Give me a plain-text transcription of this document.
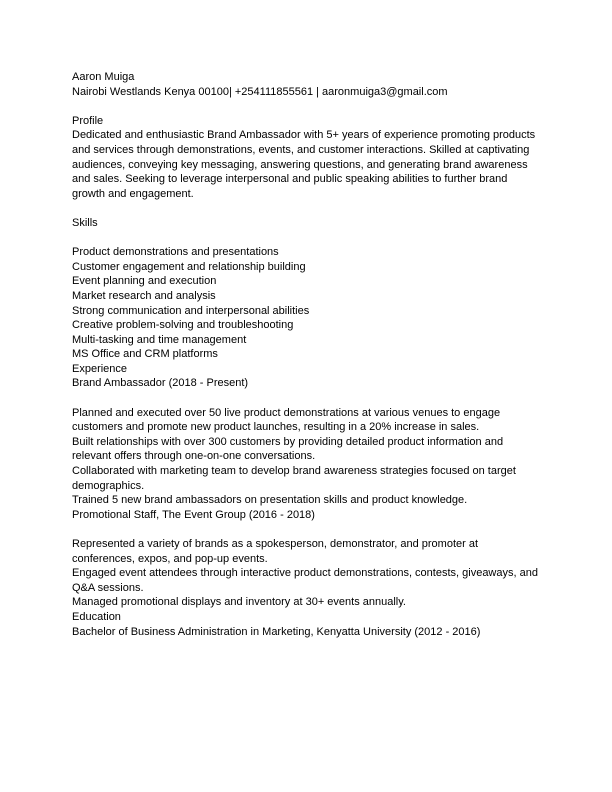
Aaron Muiga
Nairobi Westlands Kenya 00100| +254111855561 | aaronmuiga3@gmail.com
Profile
Dedicated and enthusiastic Brand Ambassador with 5+ years of experience promoting products and services through demonstrations, events, and customer interactions. Skilled at captivating audiences, conveying key messaging, answering questions, and generating brand awareness and sales. Seeking to leverage interpersonal and public speaking abilities to further brand growth and engagement.
Skills
Product demonstrations and presentations
Customer engagement and relationship building
Event planning and execution
Market research and analysis
Strong communication and interpersonal abilities
Creative problem-solving and troubleshooting
Multi-tasking and time management
MS Office and CRM platforms
Experience
Brand Ambassador (2018 - Present)
Planned and executed over 50 live product demonstrations at various venues to engage customers and promote new product launches, resulting in a 20% increase in sales.
Built relationships with over 300 customers by providing detailed product information and relevant offers through one-on-one conversations.
Collaborated with marketing team to develop brand awareness strategies focused on target demographics.
Trained 5 new brand ambassadors on presentation skills and product knowledge.
Promotional Staff, The Event Group (2016 - 2018)
Represented a variety of brands as a spokesperson, demonstrator, and promoter at conferences, expos, and pop-up events.
Engaged event attendees through interactive product demonstrations, contests, giveaways, and Q&A sessions.
Managed promotional displays and inventory at 30+ events annually.
Education
Bachelor of Business Administration in Marketing, Kenyatta University (2012 - 2016)
